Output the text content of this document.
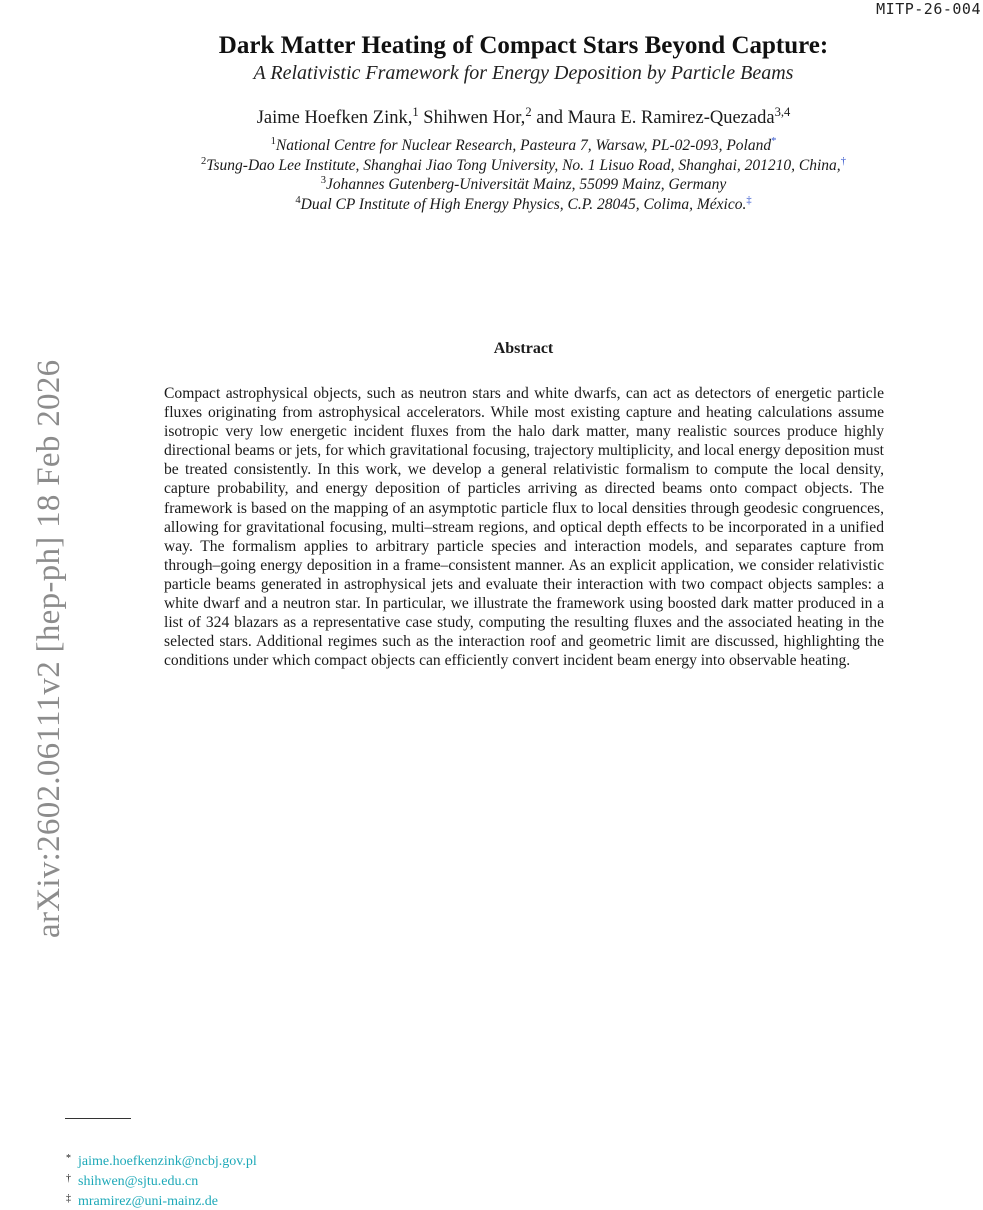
MITP-26-004
arXiv:2602.06111v2 [hep-ph] 18 Feb 2026
Dark Matter Heating of Compact Stars Beyond Capture:
A Relativistic Framework for Energy Deposition by Particle Beams
Jaime Hoefken Zink,$^1$ Shihwen Hor,$^2$ and Maura E. Ramirez-Quezada$^{3,4}$
$^1$National Centre for Nuclear Research, Pasteura 7, Warsaw, PL-02-093, Poland*
$^2$Tsung-Dao Lee Institute, Shanghai Jiao Tong University, No. 1 Lisuo Road, Shanghai, 201210, China,†
$^3$Johannes Gutenberg-Universität Mainz, 55099 Mainz, Germany
$^4$Dual CP Institute of High Energy Physics, C.P. 28045, Colima, México.‡
Abstract
Compact astrophysical objects, such as neutron stars and white dwarfs, can act as detectors of energetic particle fluxes originating from astrophysical accelerators. While most existing capture and heating calculations assume isotropic very low energetic incident fluxes from the halo dark matter, many realistic sources produce highly directional beams or jets, for which gravitational focusing, trajectory multiplicity, and local energy deposition must be treated consistently. In this work, we develop a general relativistic formalism to compute the local density, capture probability, and energy deposition of particles arriving as directed beams onto compact objects. The framework is based on the mapping of an asymptotic particle flux to local densities through geodesic congruences, allowing for gravitational focusing, multi–stream regions, and optical depth effects to be incorporated in a unified way. The formalism applies to arbitrary particle species and interaction models, and separates capture from through–going energy deposition in a frame–consistent manner. As an explicit application, we consider relativistic particle beams generated in astrophysical jets and evaluate their interaction with two compact objects samples: a white dwarf and a neutron star. In particular, we illustrate the framework using boosted dark matter produced in a list of 324 blazars as a representative case study, computing the resulting fluxes and the associated heating in the selected stars. Additional regimes such as the interaction roof and geometric limit are discussed, highlighting the conditions under which compact objects can efficiently convert incident beam energy into observable heating.
* jaime.hoefkenzink@ncbj.gov.pl
† shihwen@sjtu.edu.cn
‡ mramirez@uni-mainz.de
